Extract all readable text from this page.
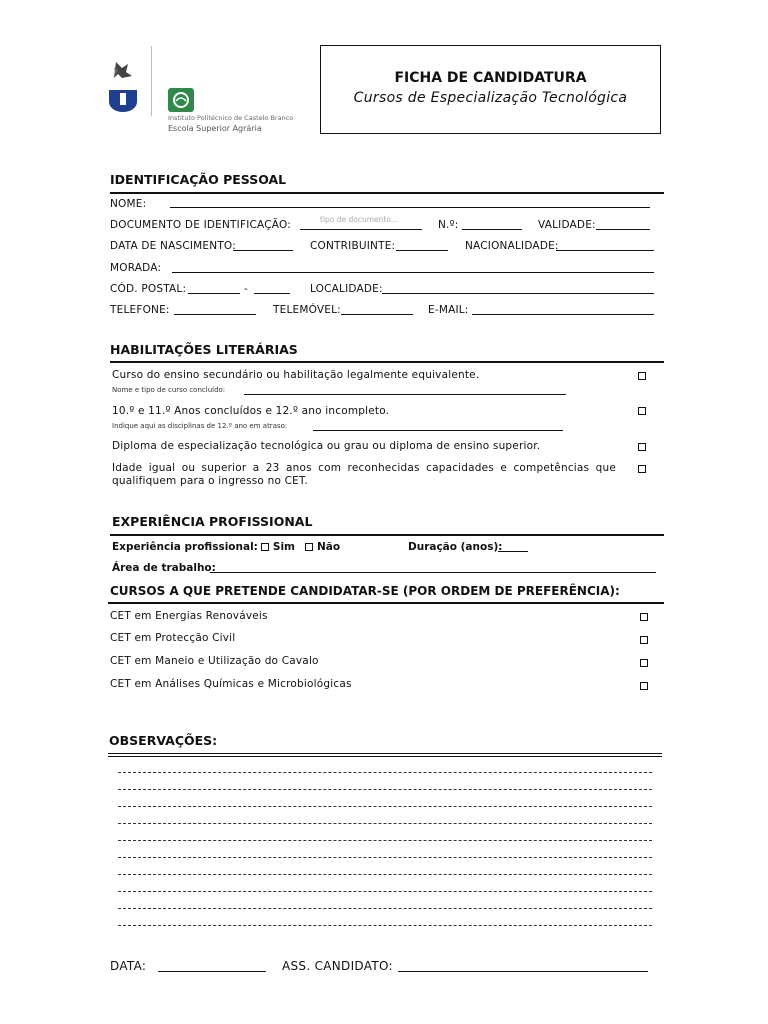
Instituto Politécnico de Castelo Branco
Escola Superior Agrária
FICHA DE CANDIDATURA
Cursos de Especialização Tecnológica
IDENTIFICAÇÃO PESSOAL
NOME:
DOCUMENTO DE IDENTIFICAÇÃO:	tipo de documento...	N.º:	VALIDADE:
DATA DE NASCIMENTO:	CONTRIBUINTE:	NACIONALIDADE:
MORADA:
CÓD. POSTAL:	-	LOCALIDADE:
TELEFONE:	TELEMÓVEL:	E-MAIL:
HABILITAÇÕES LITERÁRIAS
Curso do ensino secundário ou habilitação legalmente equivalente.
Nome e tipo de curso concluído:
10.º e 11.º Anos concluídos e 12.º ano incompleto.
Indique aqui as disciplinas de 12.º ano em atraso:
Diploma de especialização tecnológica ou grau ou diploma de ensino superior.
Idade igual ou superior a 23 anos com reconhecidas capacidades e competências que qualifiquem para o ingresso no CET.
EXPERIÊNCIA PROFISSIONAL
Experiência profissional: Sim	Não	Duração (anos):
Área de trabalho:
CURSOS A QUE PRETENDE CANDIDATAR-SE (POR ORDEM DE PREFERÊNCIA):
CET em Energias Renováveis
CET em Protecção Civil
CET em Maneio e Utilização do Cavalo
CET em Análises Químicas e Microbiológicas
OBSERVAÇÕES:
DATA:	ASS. CANDIDATO:
